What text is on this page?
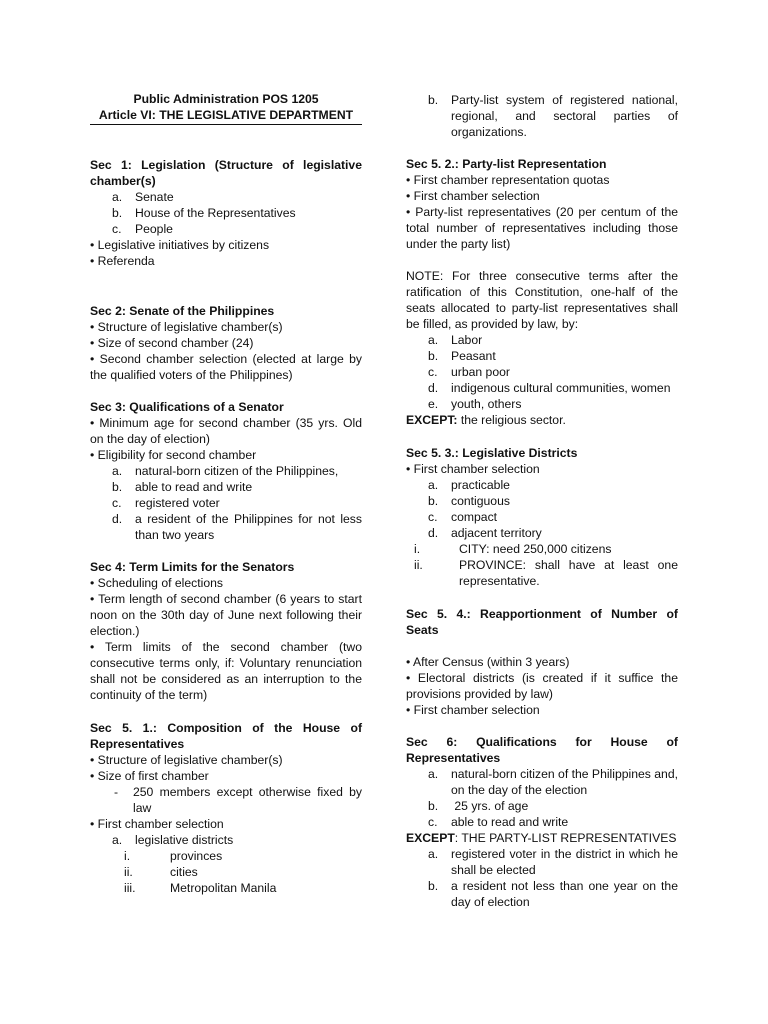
Public Administration POS 1205
Article VI: THE LEGISLATIVE DEPARTMENT
Sec 1: Legislation (Structure of legislative chamber(s)
a.	Senate
b.	House of the Representatives
c.	People
• Legislative initiatives by citizens
• Referenda
Sec 2: Senate of the Philippines
• Structure of legislative chamber(s)
• Size of second chamber (24)
• Second chamber selection (elected at large by the qualified voters of the Philippines)
Sec 3: Qualifications of a Senator
• Minimum age for second chamber (35 yrs. Old on the day of election)
• Eligibility for second chamber
a.	natural-born citizen of the Philippines,
b.	able to read and write
c.	registered voter
d.	a resident of the Philippines for not less than two years
Sec 4: Term Limits for the Senators
• Scheduling of elections
• Term length of second chamber (6 years to start noon on the 30th day of June next following their election.)
• Term limits of the second chamber (two consecutive terms only, if: Voluntary renunciation shall not be considered as an interruption to the continuity of the term)
Sec 5. 1.: Composition of the House of Representatives
• Structure of legislative chamber(s)
• Size of first chamber
-	250 members except otherwise fixed by law
• First chamber selection
a.	legislative districts
i.	provinces
ii.	cities
iii.	Metropolitan Manila
b.	Party-list system of registered national, regional, and sectoral parties of organizations.
Sec 5. 2.: Party-list Representation
• First chamber representation quotas
• First chamber selection
• Party-list representatives (20 per centum of the total number of representatives including those under the party list)
NOTE: For three consecutive terms after the ratification of this Constitution, one-half of the seats allocated to party-list representatives shall be filled, as provided by law, by:
a.	Labor
b.	Peasant
c.	urban poor
d.	indigenous cultural communities, women
e.	youth, others
EXCEPT: the religious sector.
Sec 5. 3.: Legislative Districts
• First chamber selection
a.	practicable
b.	contiguous
c.	compact
d.	adjacent territory
i.	CITY: need 250,000 citizens
ii.	PROVINCE: shall have at least one representative.
Sec 5. 4.: Reapportionment of Number of Seats
• After Census (within 3 years)
• Electoral districts (is created if it suffice the provisions provided by law)
• First chamber selection
Sec 6: Qualifications for House of Representatives
a.	natural-born citizen of the Philippines and, on the day of the election
b.	25 yrs. of age
c.	able to read and write
EXCEPT: THE PARTY-LIST REPRESENTATIVES
a.	registered voter in the district in which he shall be elected
b.	a resident not less than one year on the day of election
